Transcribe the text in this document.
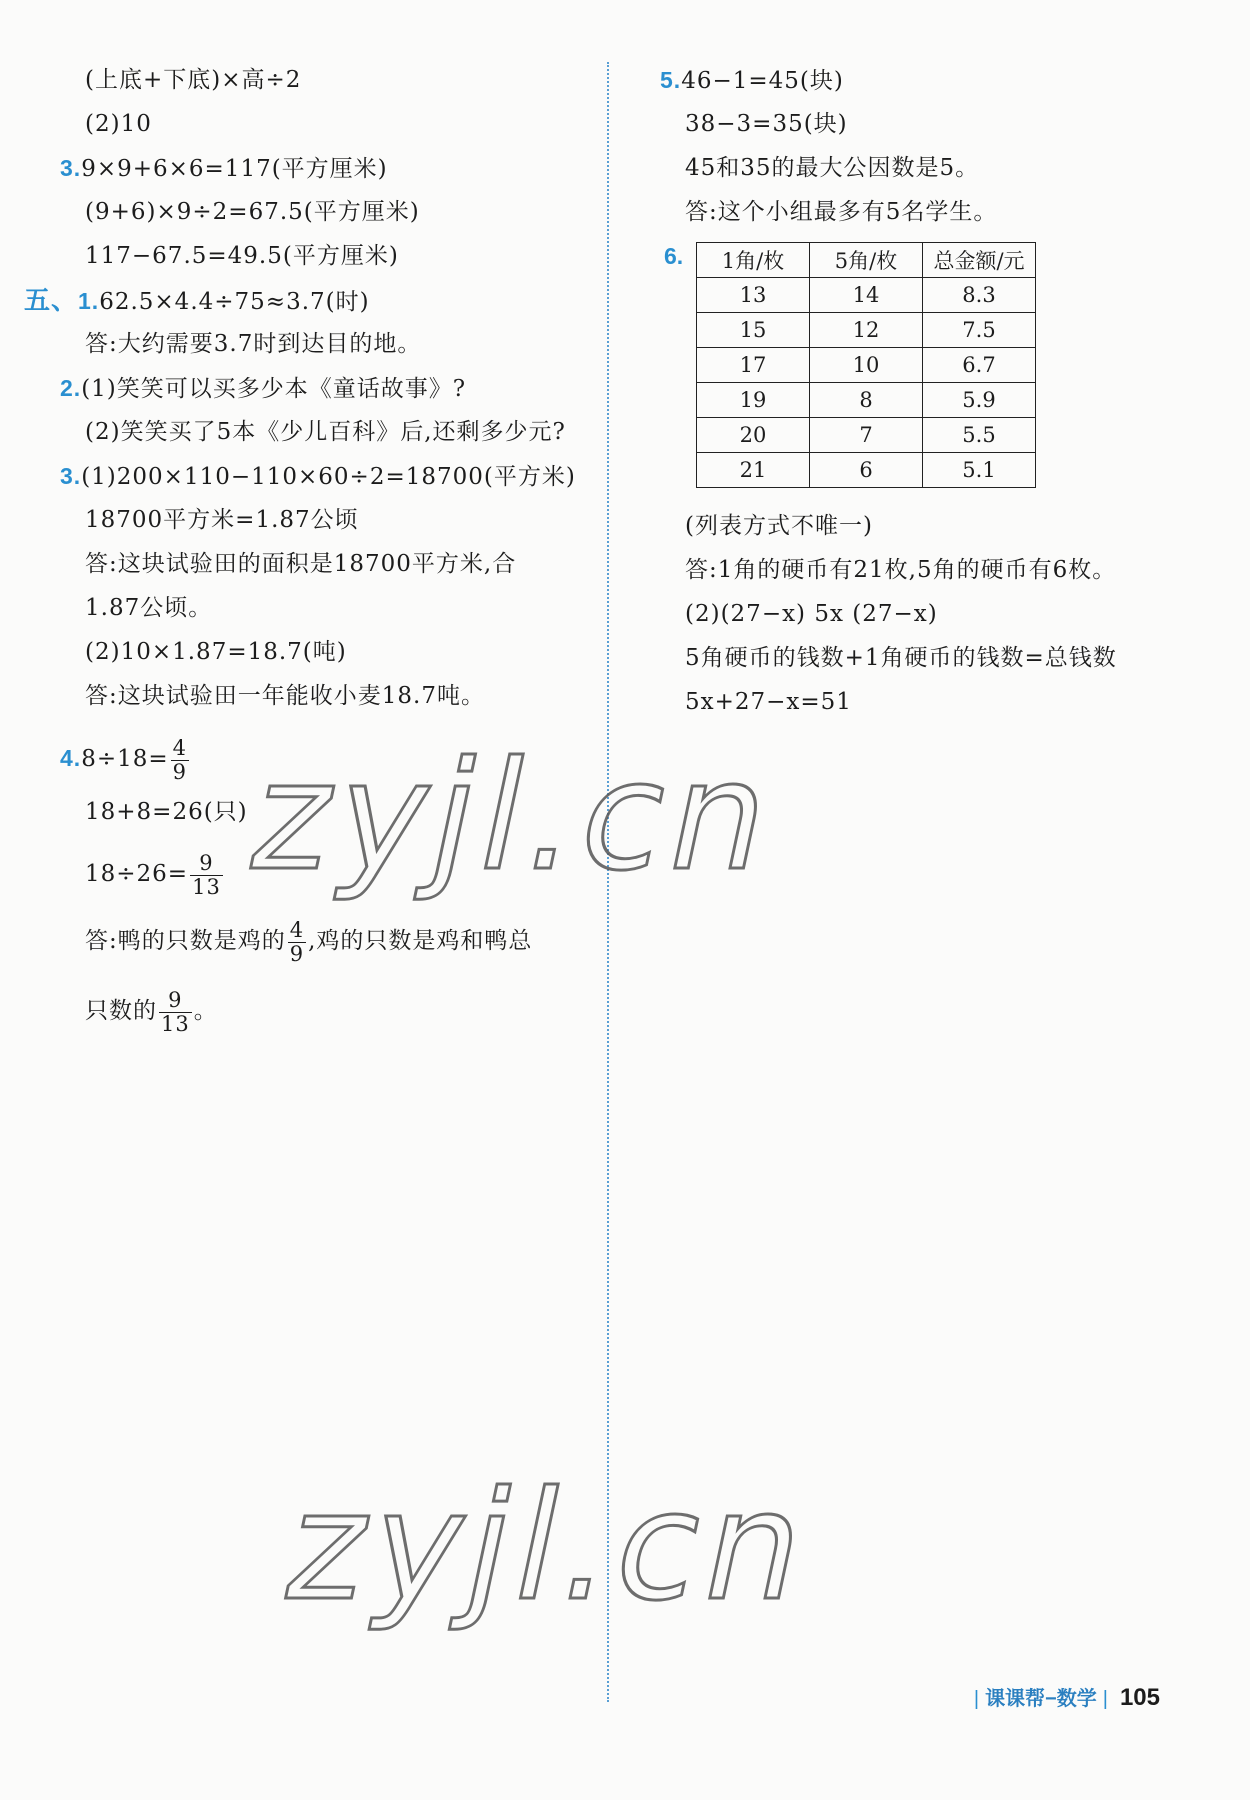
(上底+下底)×高÷2
(2)10
3.9×9+6×6=117(平方厘米)
(9+6)×9÷2=67.5(平方厘米)
117−67.5=49.5(平方厘米)
五、1.62.5×4.4÷75≈3.7(时)
答:大约需要3.7时到达目的地。
2.(1)笑笑可以买多少本《童话故事》?
(2)笑笑买了5本《少儿百科》后,还剩多少元?
3.(1)200×110−110×60÷2=18700(平方米)
18700平方米=1.87公顷
答:这块试验田的面积是18700平方米,合
1.87公顷。
(2)10×1.87=18.7(吨)
答:这块试验田一年能收小麦18.7吨。
$4.8\div 18= \frac{4}{9}$
18+8=26(只)
$18\div 26= \frac{9}{13}$
答:鸭的只数是鸡的 $\frac{4}{9}$ ,鸡的只数是鸡和鸭总
只数的 $\frac{9}{13}$ 。
5.46−1=45(块)
38−3=35(块)
45和35的最大公因数是5。
答:这个小组最多有5名学生。
6. 1角/枚	5角/枚	总金额/元
13	14	8.3
15	12	7.5
17	10	6.7
19	8	5.9
20	7	5.5
21	6	5.1
(列表方式不唯一)
答:1角的硬币有21枚,5角的硬币有6枚。
(2)(27−x) 5x (27−x)
5角硬币的钱数+1角硬币的钱数=总钱数
5x+27−x=51
zyjl.cn
zyjl.cn
| 课课帮−数学 | 105
